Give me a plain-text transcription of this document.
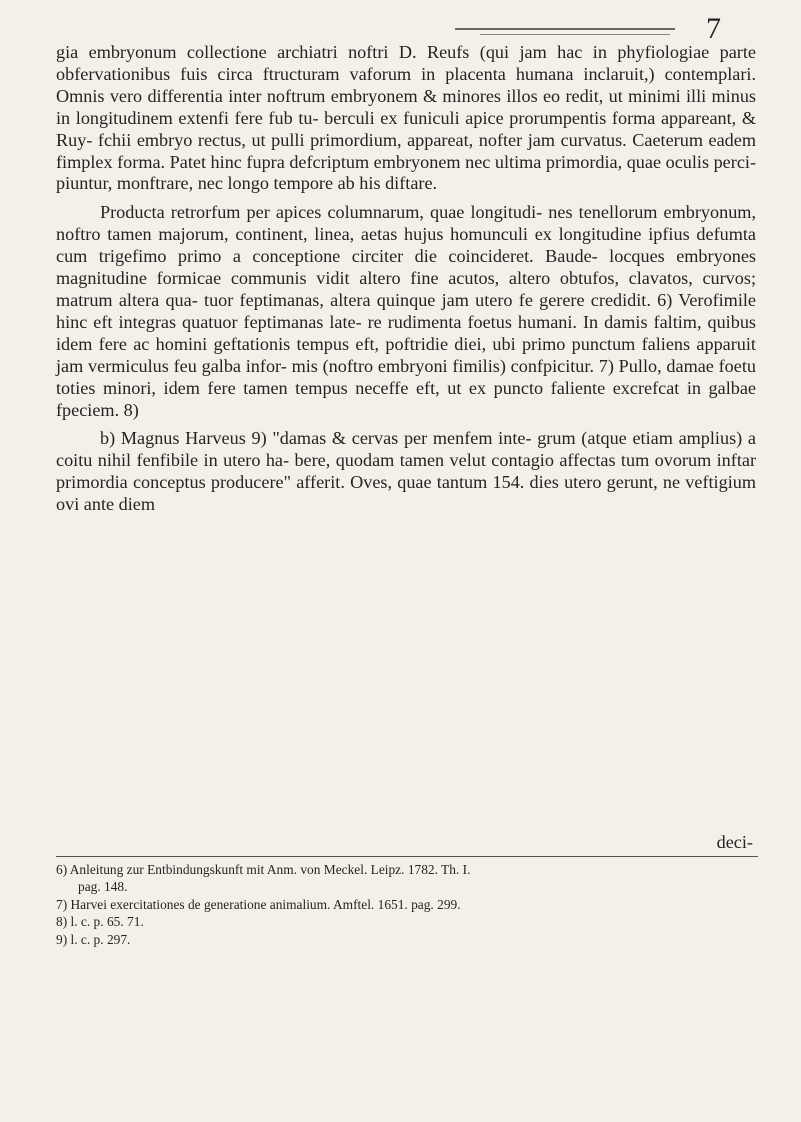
7

gia embryonum collectione archiatri noftri D. Reufs (qui jam hac in phyfiologiae parte obfervationibus fuis circa ftructuram vaforum in placenta humana inclaruit,) contemplari. Omnis vero differentia inter noftrum embryonem & minores illos eo redit, ut minimi illi minus in longitudinem extenfi fere fub tu- berculi ex funiculi apice prorumpentis forma appareant, & Ruy- fchii embryo rectus, ut pulli primordium, appareat, nofter jam curvatus. Caeterum eadem fimplex forma. Patet hinc fupra defcriptum embryonem nec ultima primordia, quae oculis perci- piuntur, monftrare, nec longo tempore ab his diftare.

Producta retrorfum per apices columnarum, quae longitudi- nes tenellorum embryonum, noftro tamen majorum, continent, linea, aetas hujus homunculi ex longitudine ipfius defumta cum trigefimo primo a conceptione circiter die coincideret. Baude- locques embryones magnitudine formicae communis vidit altero fine acutos, altero obtufos, clavatos, curvos; matrum altera qua- tuor feptimanas, altera quinque jam utero fe gerere credidit. 6) Verofimile hinc eft integras quatuor feptimanas late- re rudimenta foetus humani. In damis faltim, quibus idem fere ac homini geftationis tempus eft, poftridie diei, ubi primo punctum faliens apparuit jam vermiculus feu galba infor- mis (noftro embryoni fimilis) confpicitur. 7) Pullo, damae foetu toties minori, idem fere tamen tempus neceffe eft, ut ex puncto faliente excrefcat in galbae fpeciem. 8)

b) Magnus Harveus 9) "damas & cervas per menfem inte- grum (atque etiam amplius) a coitu nihil fenfibile in utero ha- bere, quodam tamen velut contagio affectas tum ovorum inftar primordia conceptus producere" afferit. Oves, quae tantum 154. dies utero gerunt, ne veftigium ovi ante diem

deci-

6) Anleitung zur Entbindungskunft mit Anm. von Meckel. Leipz. 1782. Th. I.

pag. 148.

7) Harvei exercitationes de generatione animalium. Amftel. 1651. pag. 299.

8) l. c. p. 65. 71.

9) l. c. p. 297.
